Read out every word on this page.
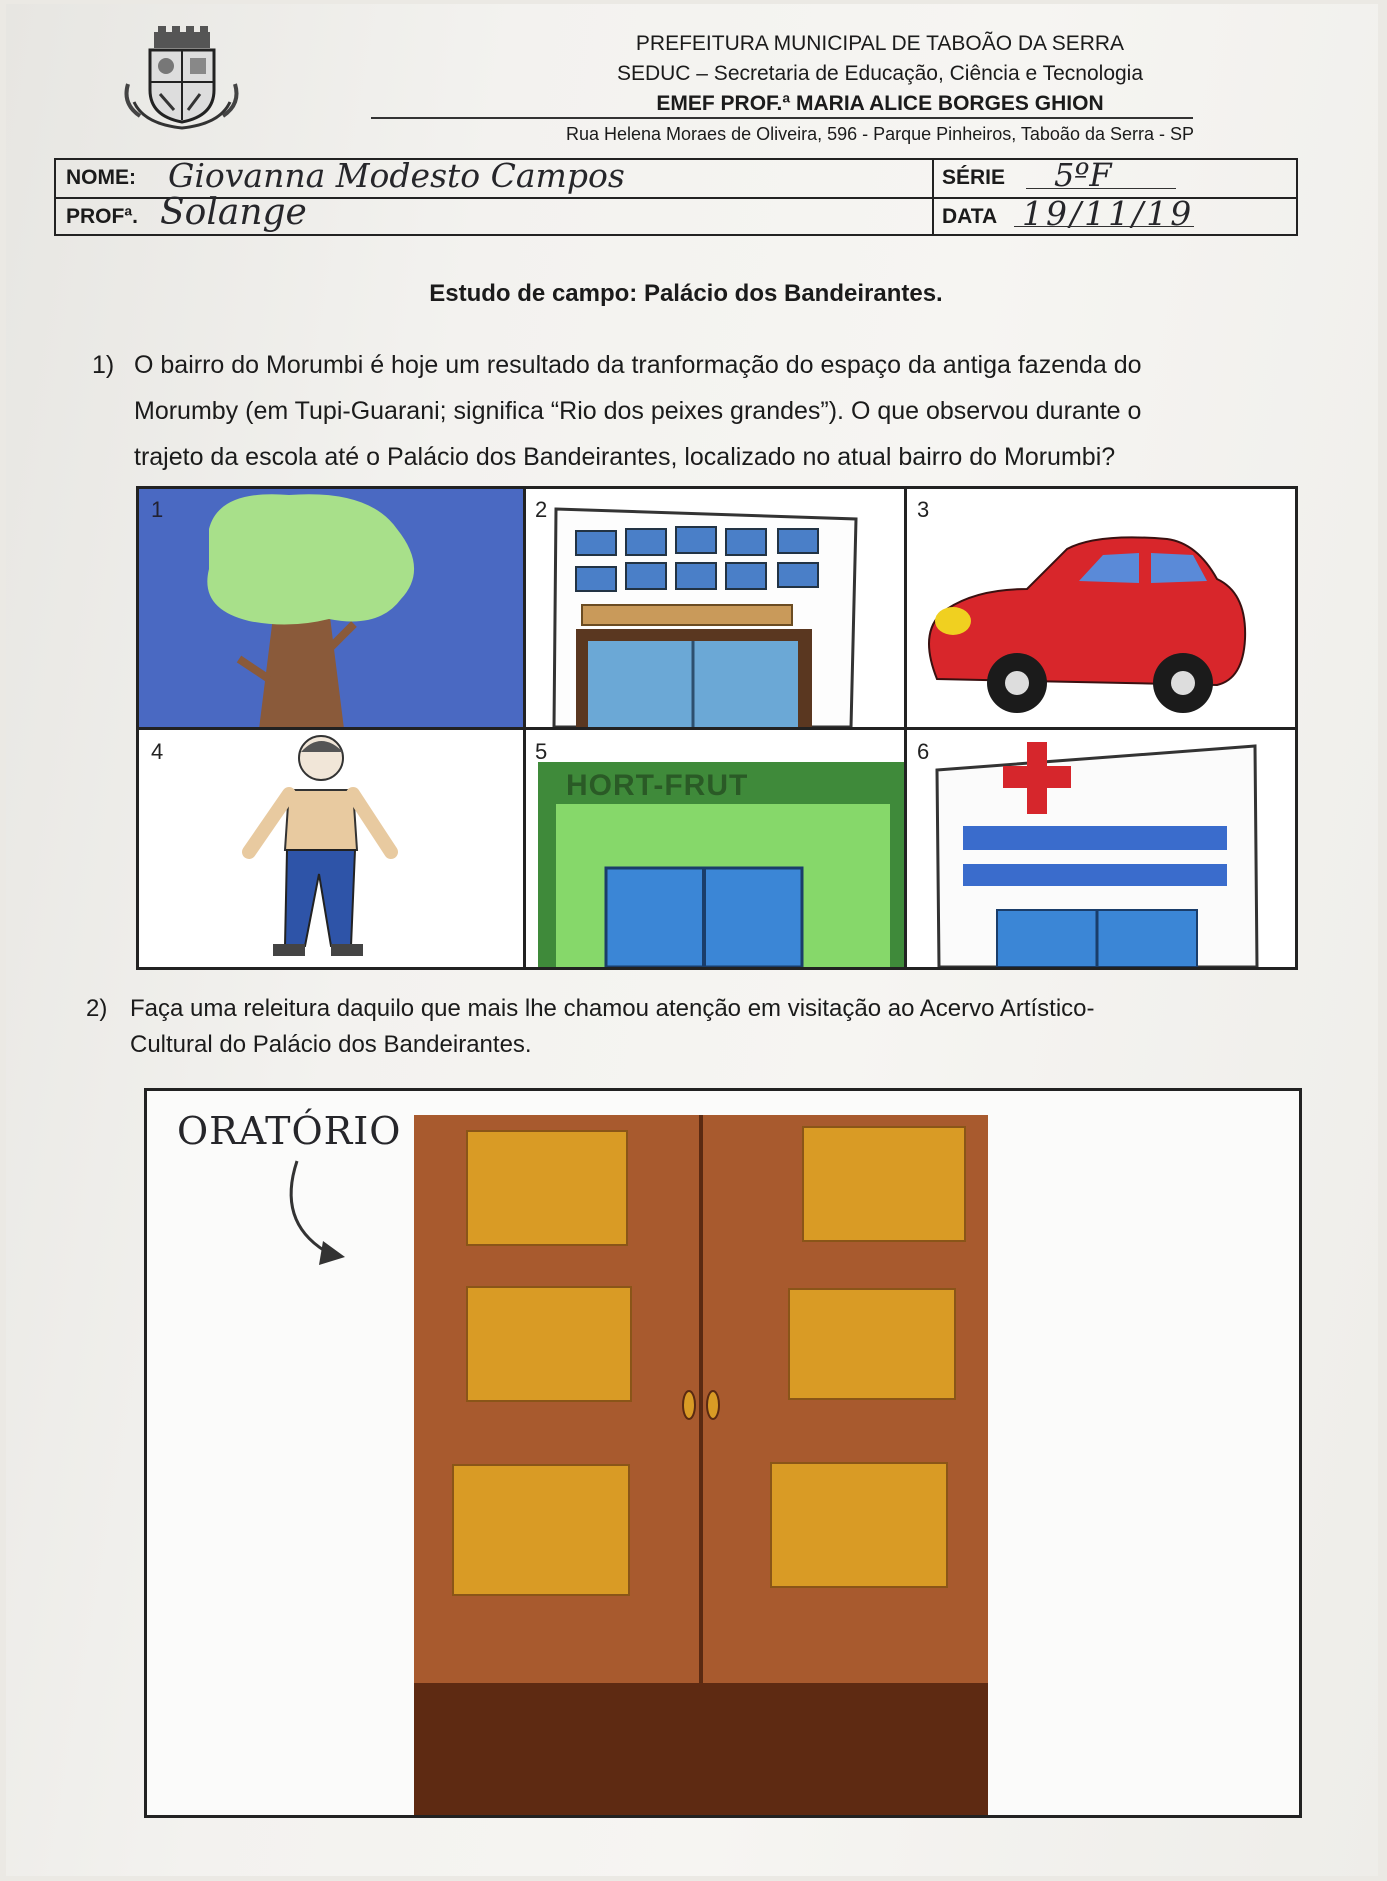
PREFEITURA MUNICIPAL DE TABOÃO DA SERRA
SEDUC – Secretaria de Educação, Ciência e Tecnologia
EMEF PROF.ª MARIA ALICE BORGES GHION
Rua Helena Moraes de Oliveira, 596 - Parque Pinheiros, Taboão da Serra - SP
NOME: Giovanna Modesto Campos
PROFª. Solange
SÉRIE 5ºF
DATA 19/11/19
Estudo de campo: Palácio dos Bandeirantes.
1) O bairro do Morumbi é hoje um resultado da tranformação do espaço da antiga fazenda do
Morumby (em Tupi-Guarani; significa “Rio dos peixes grandes”). O que observou durante o
trajeto da escola até o Palácio dos Bandeirantes, localizado no atual bairro do Morumbi?
1	2	3
4
HORT-FRUT
5	6
2) Faça uma releitura daquilo que mais lhe chamou atenção em visitação ao Acervo Artístico-
Cultural do Palácio dos Bandeirantes.
ORATÓRIO
